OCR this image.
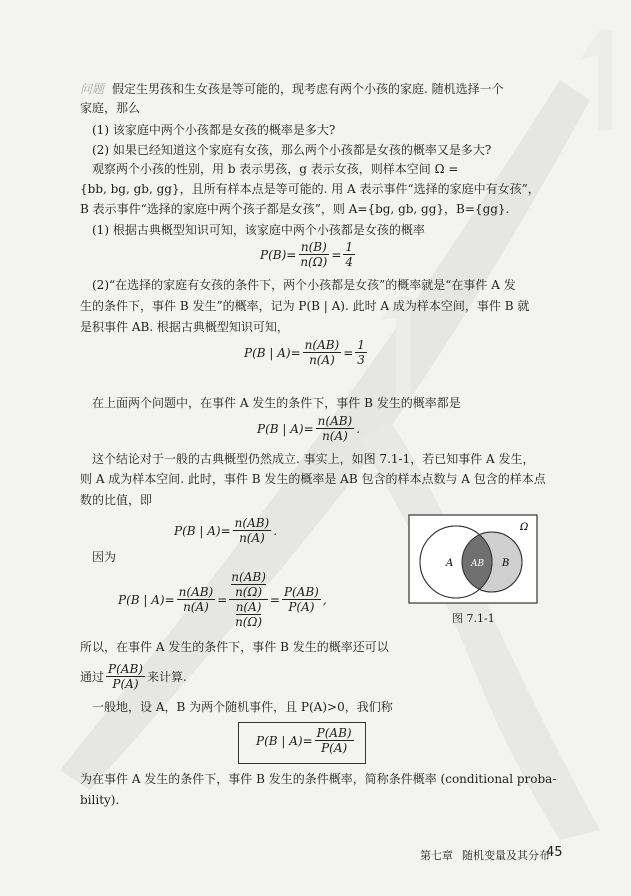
问题 假定生男孩和生女孩是等可能的，现考虑有两个小孩的家庭. 随机选择一个
家庭，那么
(1) 该家庭中两个小孩都是女孩的概率是多大?
(2) 如果已经知道这个家庭有女孩，那么两个小孩都是女孩的概率又是多大?
观察两个小孩的性别，用 b 表示男孩，g 表示女孩，则样本空间 Ω =
{bb, bg, gb, gg}，且所有样本点是等可能的. 用 A 表示事件“选择的家庭中有女孩”，
B 表示事件“选择的家庭中两个孩子都是女孩”，则 A={bg, gb, gg}，B={gg}.
(1) 根据古典概型知识可知，该家庭中两个小孩都是女孩的概率
$P(B)= \frac{n(B)}{n(\Omega)} = \frac{1}{4}$
(2)“在选择的家庭有女孩的条件下，两个小孩都是女孩”的概率就是“在事件 A 发
生的条件下，事件 B 发生”的概率，记为 P(B | A). 此时 A 成为样本空间，事件 B 就
是积事件 AB. 根据古典概型知识可知，
P(B | $A)= \frac{n(AB)}{n(A)} = \frac{1}{3}$
在上面两个问题中，在事件 A 发生的条件下，事件 B 发生的概率都是
P(B | $A)= \frac{n(AB)}{n(A)}$ .
这个结论对于一般的古典概型仍然成立. 事实上，如图 7.1-1，若已知事件 A 发生，
则 A 成为样本空间. 此时，事件 B 发生的概率是 AB 包含的样本点数与 A 包含的样本点
数的比值，即
P(B | $A)= \frac{n(AB)}{n(A)}$ .
因为
P(B | $A)= \frac{n(AB)}{n(A)} = n(AB)$
n(Ω)
n(A)
$n(\Omega) = \frac{P(AB)}{P(A)}$ ,
所以，在事件 A 发生的条件下，事件 B 发生的概率还可以
通过 $\frac{P(AB)}{P(A)}$ 来计算.
一般地，设 A，B 为两个随机事件，且 P(A)>0，我们称
P(B | $A)= \frac{P(AB)}{P(A)}$
为在事件 A 发生的条件下，事件 B 发生的条件概率，简称条件概率 (conditional proba-
bility).
Ω
A AB B
图 7.1-1
第七章 随机变量及其分布
45
